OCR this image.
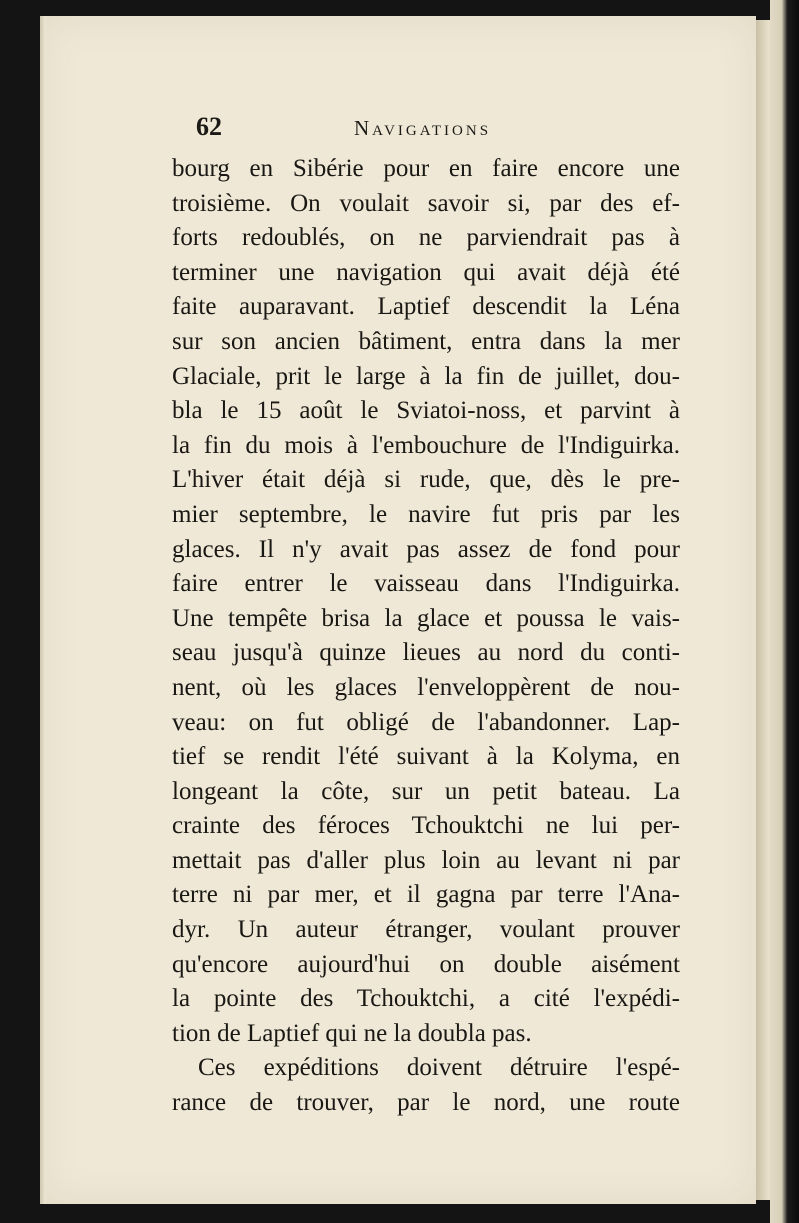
62	Navigations
bourg en Sibérie pour en faire encore une
troisième. On voulait savoir si, par des ef-
forts redoublés, on ne parviendrait pas à
terminer une navigation qui avait déjà été
faite auparavant. Laptief descendit la Léna
sur son ancien bâtiment, entra dans la mer
Glaciale, prit le large à la fin de juillet, dou-
bla le 15 août le Sviatoi-noss, et parvint à
la fin du mois à l'embouchure de l'Indiguirka.
L'hiver était déjà si rude, que, dès le pre-
mier septembre, le navire fut pris par les
glaces. Il n'y avait pas assez de fond pour
faire entrer le vaisseau dans l'Indiguirka.
Une tempête brisa la glace et poussa le vais-
seau jusqu'à quinze lieues au nord du conti-
nent, où les glaces l'enveloppèrent de nou-
veau: on fut obligé de l'abandonner. Lap-
tief se rendit l'été suivant à la Kolyma, en
longeant la côte, sur un petit bateau. La
crainte des féroces Tchouktchi ne lui per-
mettait pas d'aller plus loin au levant ni par
terre ni par mer, et il gagna par terre l'Ana-
dyr. Un auteur étranger, voulant prouver
qu'encore aujourd'hui on double aisément
la pointe des Tchouktchi, a cité l'expédi-
tion de Laptief qui ne la doubla pas.
Ces expéditions doivent détruire l'espé-
rance de trouver, par le nord, une route
